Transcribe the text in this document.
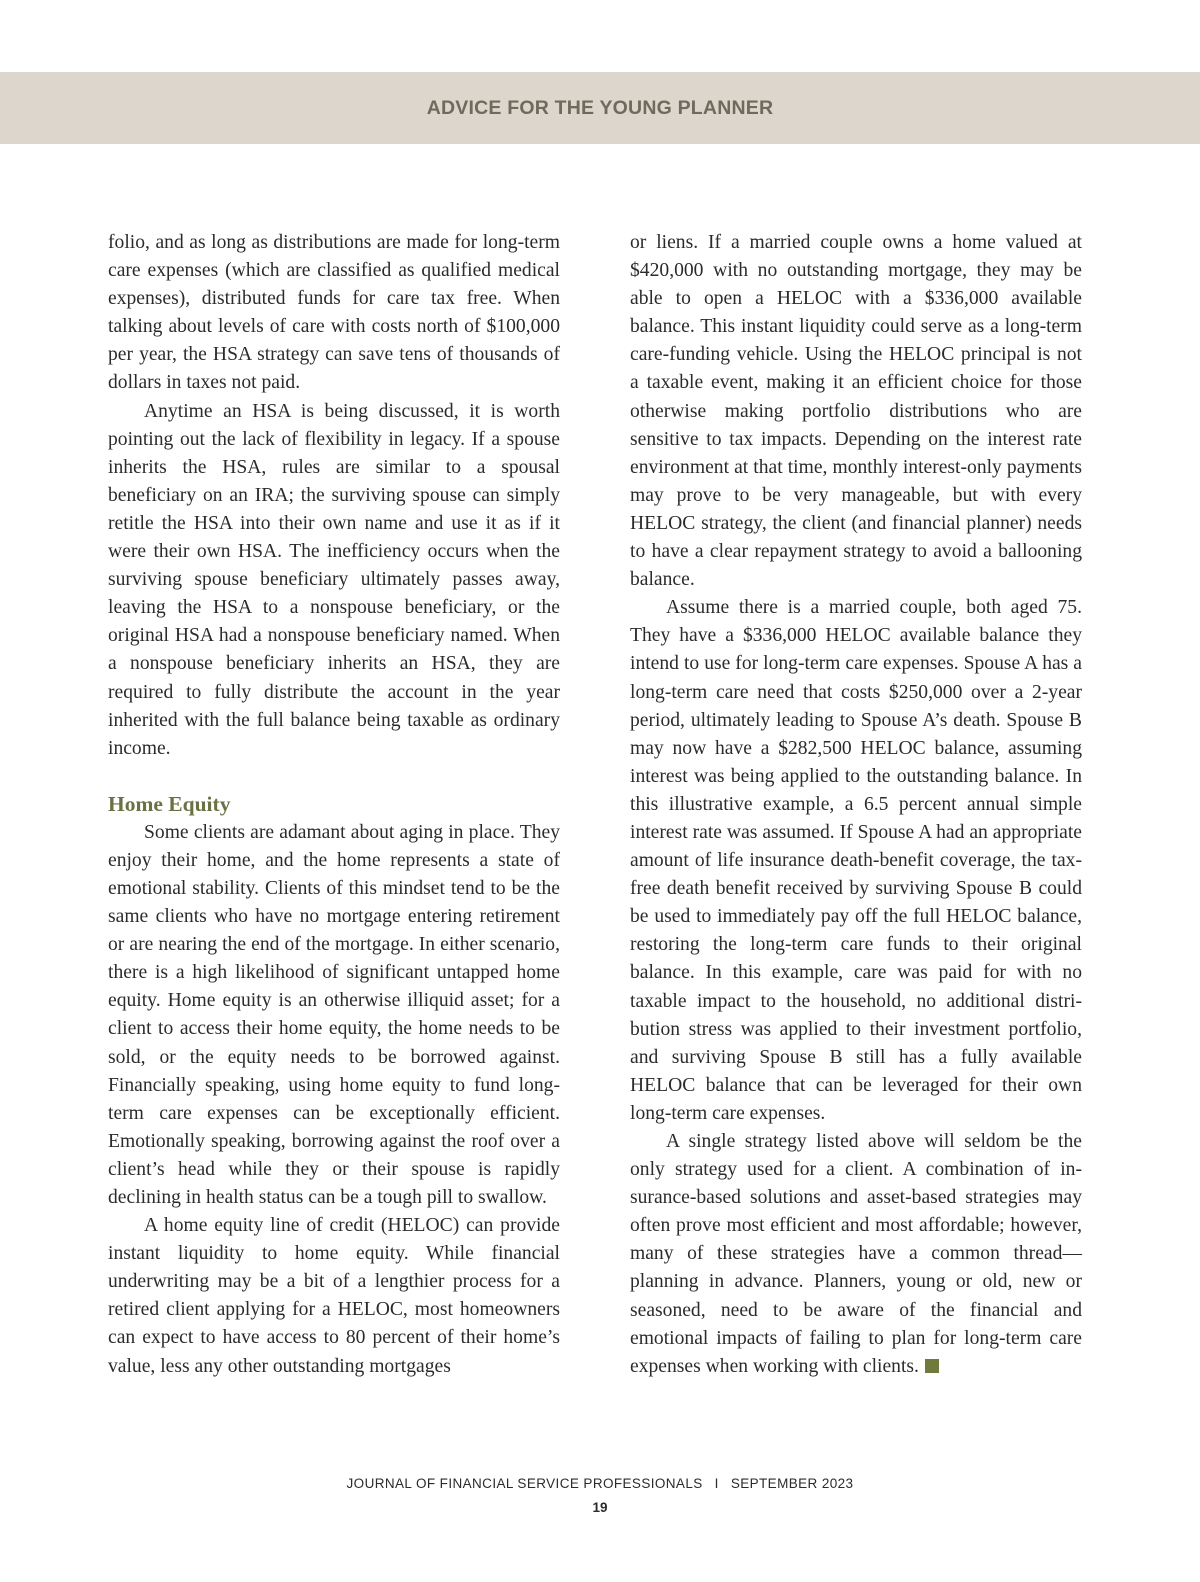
ADVICE FOR THE YOUNG PLANNER

folio, and as long as distributions are made for long-term care expenses (which are classified as qualified medical expenses), distributed funds for care tax free. When talking about levels of care with costs north of $100,000 per year, the HSA strategy can save tens of thousands of dollars in taxes not paid.

Anytime an HSA is being discussed, it is worth pointing out the lack of flexibility in legacy. If a spouse inherits the HSA, rules are similar to a spousal beneficiary on an IRA; the surviving spouse can simply retitle the HSA into their own name and use it as if it were their own HSA. The inefficiency occurs when the surviving spouse beneficiary ultimately passes away, leaving the HSA to a nonspouse beneficiary, or the original HSA had a nonspouse beneficiary named. When a nonspouse beneficiary inherits an HSA, they are required to fully distribute the account in the year inherited with the full balance being taxable as ordinary income.

Home Equity

Some clients are adamant about aging in place. They enjoy their home, and the home represents a state of emotional stability. Clients of this mindset tend to be the same clients who have no mortgage entering retirement or are nearing the end of the mortgage. In either scenario, there is a high likelihood of significant untapped home equity. Home equity is an otherwise illiquid asset; for a client to access their home equity, the home needs to be sold, or the equity needs to be borrowed against. Financially speaking, using home equity to fund long-term care expenses can be exceptionally efficient. Emotionally speaking, borrowing against the roof over a client’s head while they or their spouse is rapidly declining in health status can be a tough pill to swallow.

A home equity line of credit (HELOC) can provide instant liquidity to home equity. While financial underwriting may be a bit of a lengthier process for a retired client applying for a HELOC, most homeowners can expect to have access to 80 percent of their home’s value, less any other outstanding mortgages

or liens. If a married couple owns a home valued at $420,000 with no outstanding mortgage, they may be able to open a HELOC with a $336,000 available balance. This instant liquidity could serve as a long-term care-funding vehicle. Using the HELOC principal is not a taxable event, making it an efficient choice for those otherwise making portfolio distributions who are sensitive to tax impacts. Depending on the interest rate environment at that time, monthly interest-only payments may prove to be very manageable, but with every HELOC strategy, the client (and financial planner) needs to have a clear repayment strategy to avoid a ballooning balance.

Assume there is a married couple, both aged 75. They have a $336,000 HELOC available balance they intend to use for long-term care expenses. Spouse A has a long-term care need that costs $250,000 over a 2-year period, ultimately leading to Spouse A’s death. Spouse B may now have a $282,500 HELOC balance, assuming interest was being applied to the outstanding balance. In this illustrative example, a 6.5 percent annual simple interest rate was assumed. If Spouse A had an appropriate amount of life insurance death-benefit coverage, the tax-free death benefit received by surviving Spouse B could be used to immediately pay off the full HELOC balance, restoring the long-term care funds to their original balance. In this example, care was paid for with no taxable impact to the household, no additional distribution stress was applied to their investment portfolio, and surviving Spouse B still has a fully available HELOC balance that can be leveraged for their own long-term care expenses.

A single strategy listed above will seldom be the only strategy used for a client. A combination of insurance-based solutions and asset-based strategies may often prove most efficient and most affordable; however, many of these strategies have a common thread—planning in advance. Planners, young or old, new or seasoned, need to be aware of the financial and emotional impacts of failing to plan for long-term care expenses when working with clients.

JOURNAL OF FINANCIAL SERVICE PROFESSIONALS I SEPTEMBER 2023
19
